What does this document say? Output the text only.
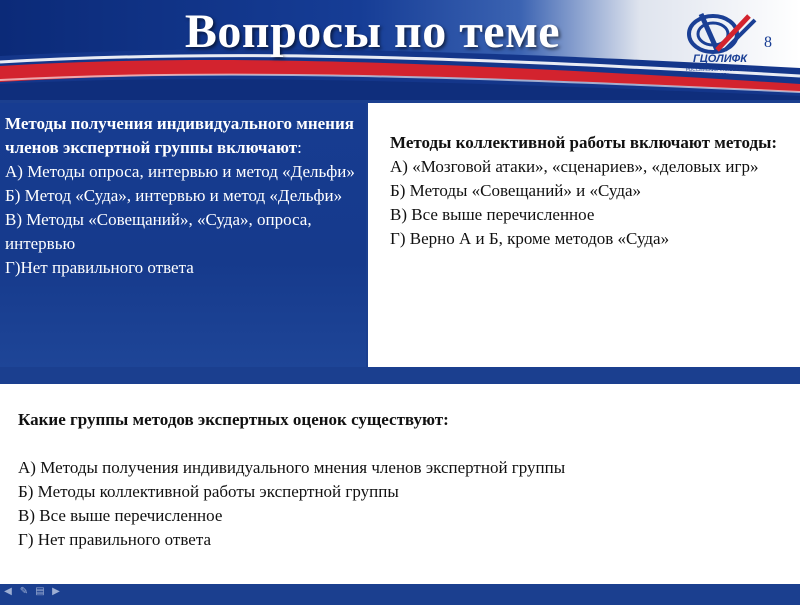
Вопросы по теме
ГЦОЛИФК
РОССИЙСКИЙ УНИВЕРСИТЕТ СПОРТА
8
Методы получения индивидуального мнения членов экспертной группы включают:
А) Методы опроса, интервью и метод «Дельфи»
Б) Метод «Суда», интервью и метод «Дельфи»
В) Методы «Совещаний», «Суда», опроса, интервью
Г)Нет правильного ответа
Методы коллективной работы включают методы:
А) «Мозговой атаки», «сценариев», «деловых игр»
Б) Методы «Совещаний» и «Суда»
В) Все выше перечисленное
Г) Верно А и Б, кроме методов «Суда»
Какие группы методов экспертных оценок существуют:
А) Методы получения индивидуального мнения членов экспертной группы
Б) Методы коллективной работы экспертной группы
В) Все выше перечисленное
Г) Нет правильного ответа
◀ ✎ ▤ ▶
